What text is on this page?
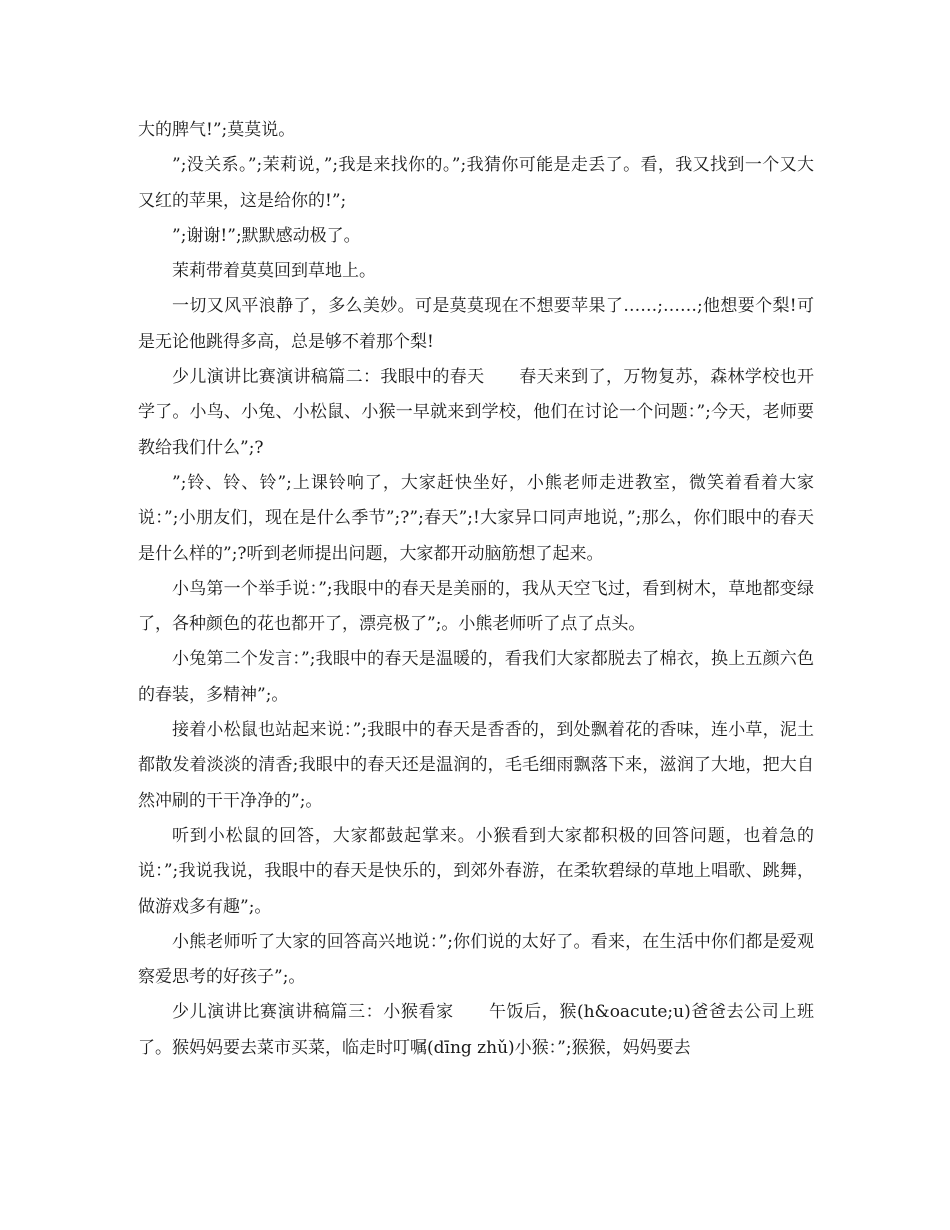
大的脾气!”;莫莫说。

”;没关系。”;茉莉说，”;我是来找你的。”;我猜你可能是走丢了。看，我又找到一个又大又红的苹果，这是给你的!”;

”;谢谢!”;默默感动极了。

茉莉带着莫莫回到草地上。

一切又风平浪静了，多么美妙。可是莫莫现在不想要苹果了……;……;他想要个梨!可是无论他跳得多高，总是够不着那个梨!

少儿演讲比赛演讲稿篇二：我眼中的春天　　春天来到了，万物复苏，森林学校也开学了。小鸟、小兔、小松鼠、小猴一早就来到学校，他们在讨论一个问题：”;今天，老师要教给我们什么”;?

”;铃、铃、铃”;上课铃响了，大家赶快坐好，小熊老师走进教室，微笑着看着大家说：”;小朋友们，现在是什么季节”;?”;春天”;!大家异口同声地说，”;那么，你们眼中的春天是什么样的”;?听到老师提出问题，大家都开动脑筋想了起来。

小鸟第一个举手说：”;我眼中的春天是美丽的，我从天空飞过，看到树木，草地都变绿了，各种颜色的花也都开了，漂亮极了”;。小熊老师听了点了点头。

小兔第二个发言：”;我眼中的春天是温暖的，看我们大家都脱去了棉衣，换上五颜六色的春装，多精神”;。

接着小松鼠也站起来说：”;我眼中的春天是香香的，到处飘着花的香味，连小草，泥土都散发着淡淡的清香;我眼中的春天还是温润的，毛毛细雨飘落下来，滋润了大地，把大自然冲刷的干干净净的”;。

听到小松鼠的回答，大家都鼓起掌来。小猴看到大家都积极的回答问题，也着急的说：”;我说我说，我眼中的春天是快乐的，到郊外春游，在柔软碧绿的草地上唱歌、跳舞，做游戏多有趣”;。

小熊老师听了大家的回答高兴地说：”;你们说的太好了。看来，在生活中你们都是爱观察爱思考的好孩子”;。

少儿演讲比赛演讲稿篇三：小猴看家　　午饭后，猴(h&oacute;u)爸爸去公司上班了。猴妈妈要去菜市买菜，临走时叮嘱(dīng zhǔ)小猴：”;猴猴，妈妈要去
